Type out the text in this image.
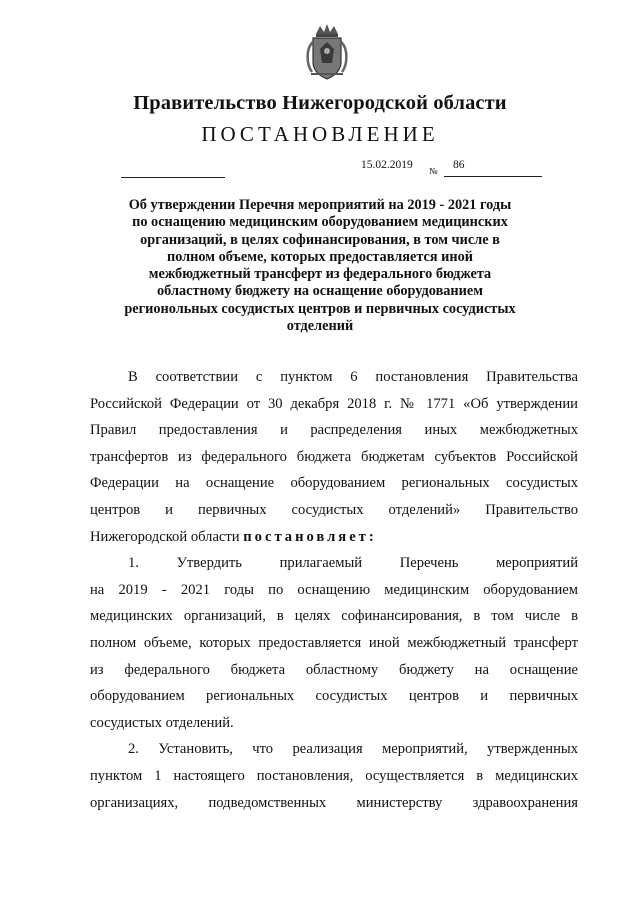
Правительство Нижегородской области
ПОСТАНОВЛЕНИЕ
15.02.2019 № 86
Об утверждении Перечня мероприятий на 2019 - 2021 годы
по оснащению медицинским оборудованием медицинских
организаций, в целях софинансирования, в том числе в
полном объеме, которых предоставляется иной
межбюджетный трансферт из федерального бюджета
областному бюджету на оснащение оборудованием
регионольных сосудистых центров и первичных сосудистых
отделений
В соответствии с пунктом 6 постановления Правительства
Российской Федерации от 30 декабря 2018 г. № 1771 «Об утверждении
Правил предоставления и распределения иных межбюджетных
трансфертов из федерального бюджета бюджетам субъектов Российской
Федерации на оснащение оборудованием региональных сосудистых
центров и первичных сосудистых отделений» Правительство
Нижегородской области постановляет:
1. Утвердить прилагаемый Перечень мероприятий
на 2019 - 2021 годы по оснащению медицинским оборудованием
медицинских организаций, в целях софинансирования, в том числе в
полном объеме, которых предоставляется иной межбюджетный трансферт
из федерального бюджета областному бюджету на оснащение
оборудованием региональных сосудистых центров и первичных
сосудистых отделений.
2. Установить, что реализация мероприятий, утвержденных
пунктом 1 настоящего постановления, осуществляется в медицинских
организациях, подведомственных министерству здравоохранения
